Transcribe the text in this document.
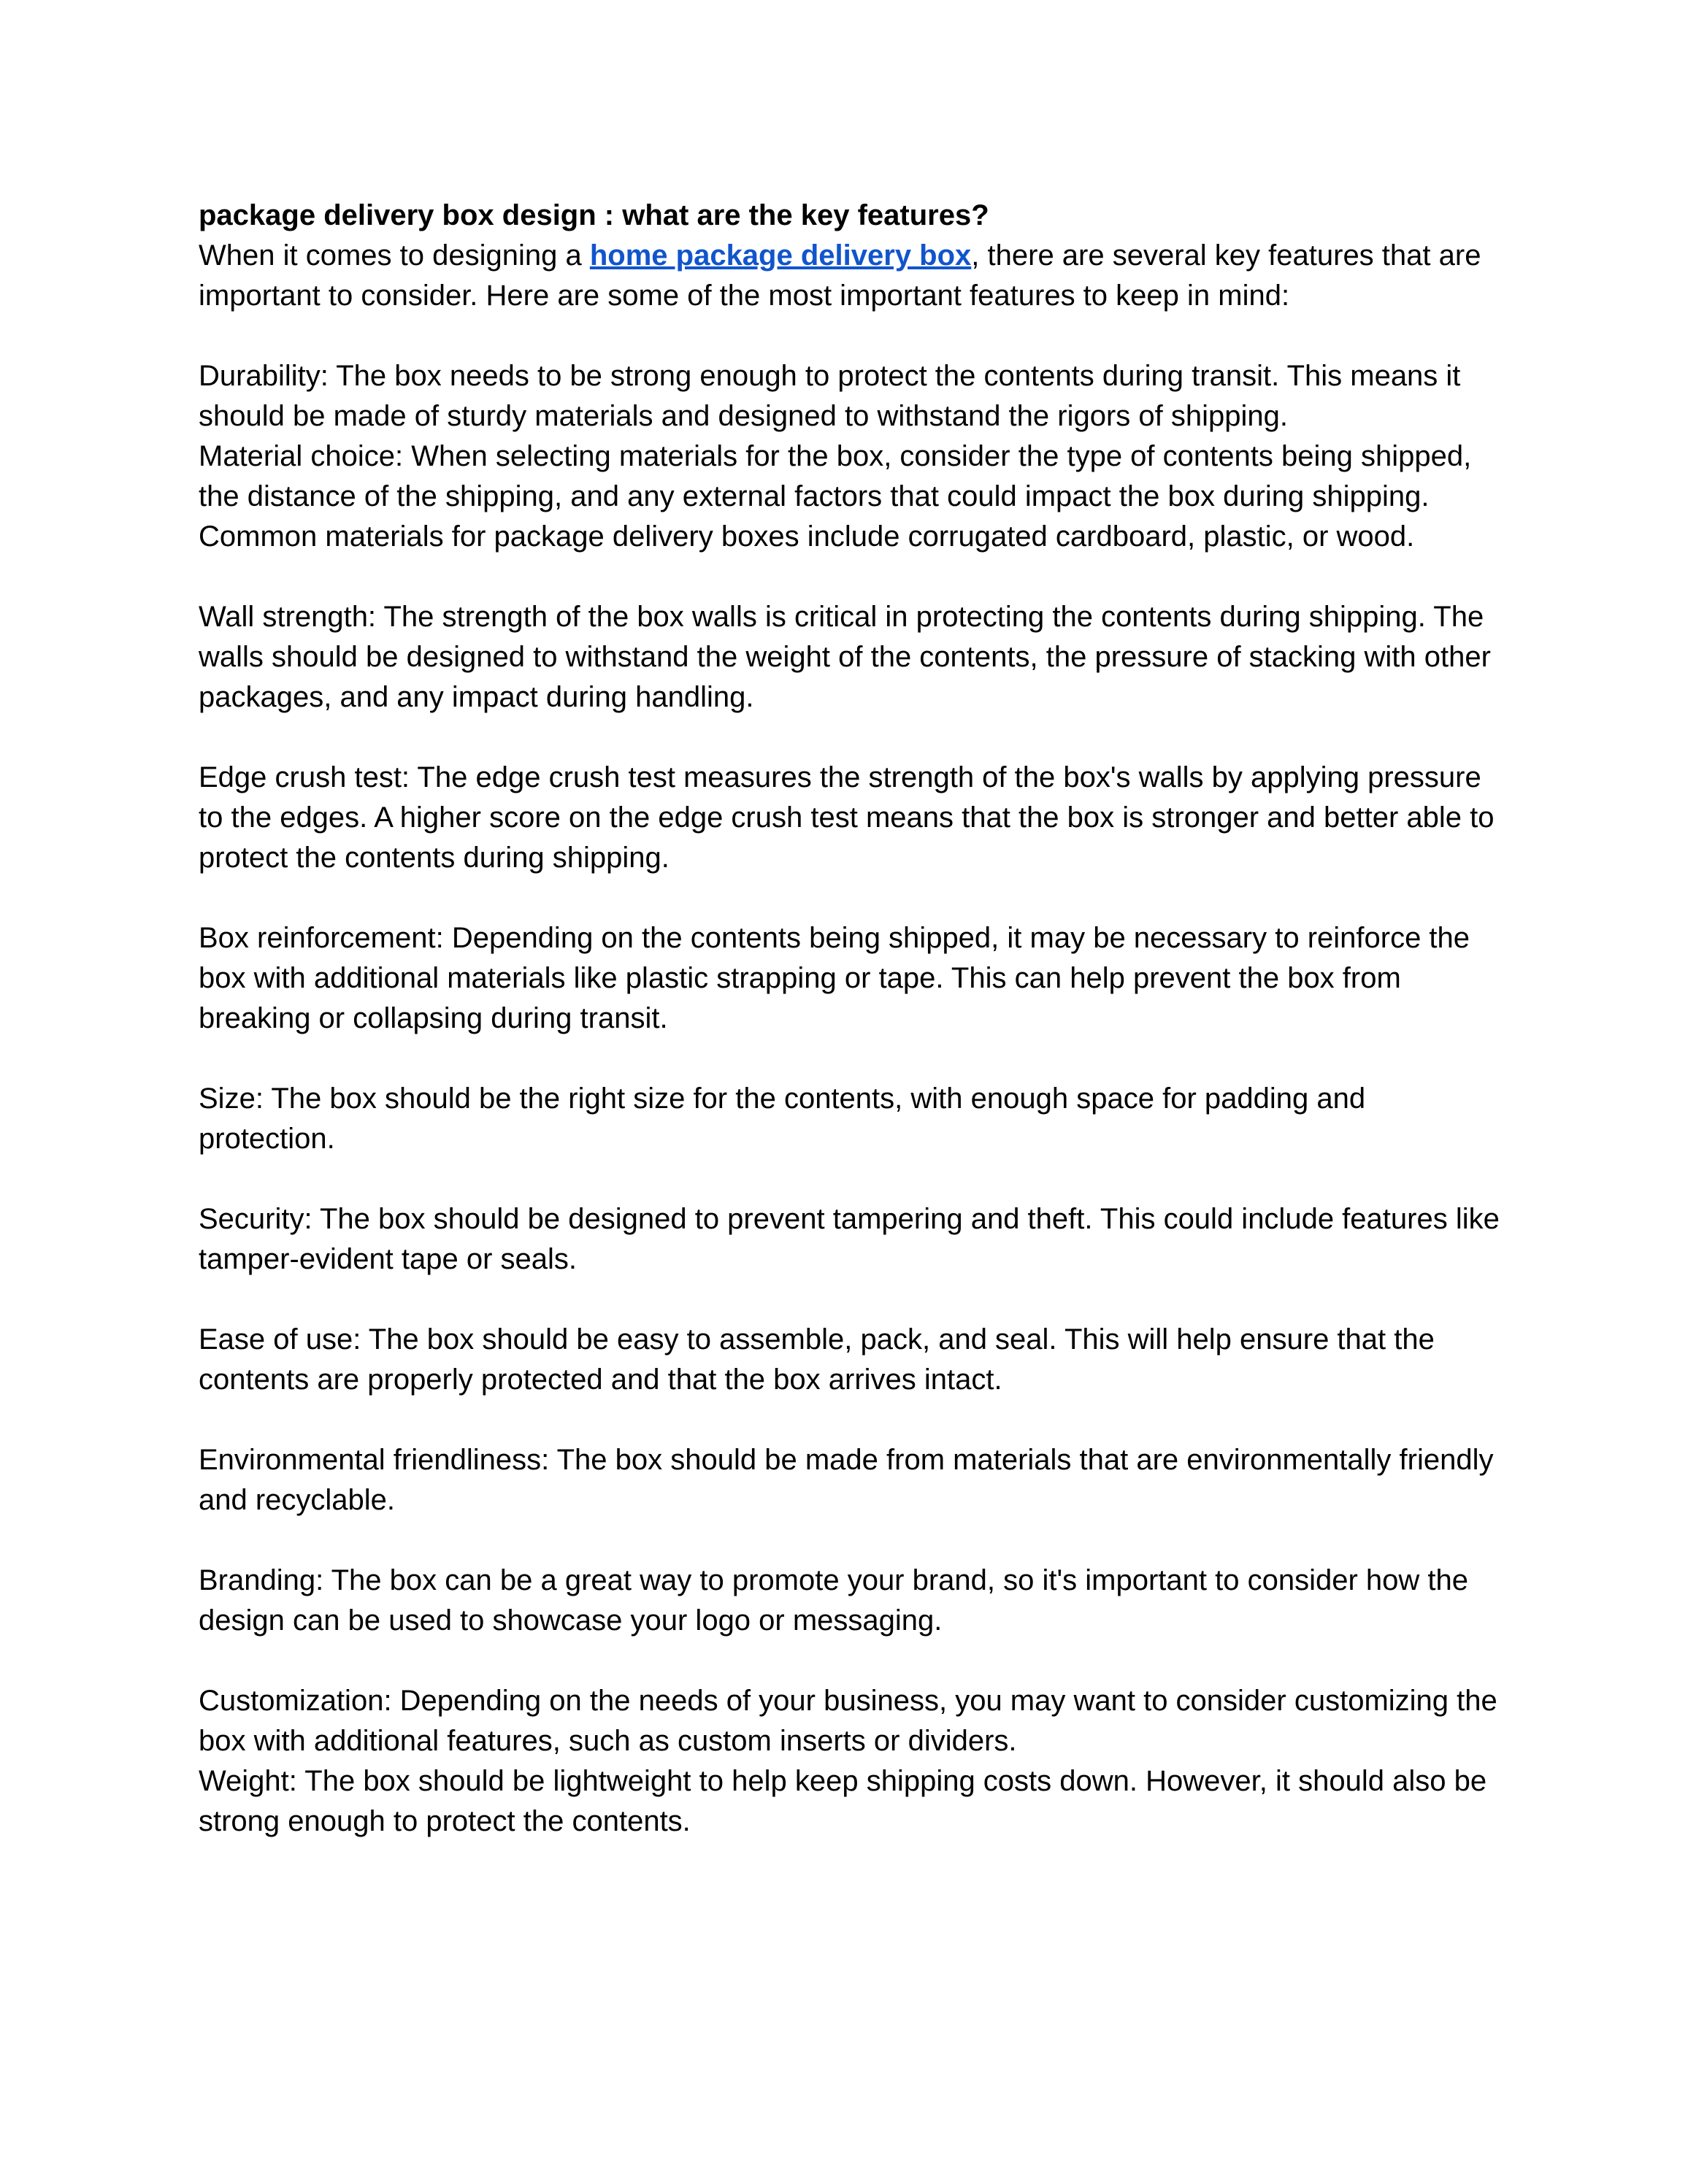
package delivery box design : what are the key features?

When it comes to designing a home package delivery box, there are several key features that are important to consider. Here are some of the most important features to keep in mind:

Durability: The box needs to be strong enough to protect the contents during transit. This means it should be made of sturdy materials and designed to withstand the rigors of shipping.

Material choice: When selecting materials for the box, consider the type of contents being shipped, the distance of the shipping, and any external factors that could impact the box during shipping. Common materials for package delivery boxes include corrugated cardboard, plastic, or wood.

Wall strength: The strength of the box walls is critical in protecting the contents during shipping. The walls should be designed to withstand the weight of the contents, the pressure of stacking with other packages, and any impact during handling.

Edge crush test: The edge crush test measures the strength of the box's walls by applying pressure to the edges. A higher score on the edge crush test means that the box is stronger and better able to protect the contents during shipping.

Box reinforcement: Depending on the contents being shipped, it may be necessary to reinforce the box with additional materials like plastic strapping or tape. This can help prevent the box from breaking or collapsing during transit.

Size: The box should be the right size for the contents, with enough space for padding and protection.

Security: The box should be designed to prevent tampering and theft. This could include features like tamper-evident tape or seals.

Ease of use: The box should be easy to assemble, pack, and seal. This will help ensure that the contents are properly protected and that the box arrives intact.

Environmental friendliness: The box should be made from materials that are environmentally friendly and recyclable.

Branding: The box can be a great way to promote your brand, so it's important to consider how the design can be used to showcase your logo or messaging.

Customization: Depending on the needs of your business, you may want to consider customizing the box with additional features, such as custom inserts or dividers.

Weight: The box should be lightweight to help keep shipping costs down. However, it should also be strong enough to protect the contents.
